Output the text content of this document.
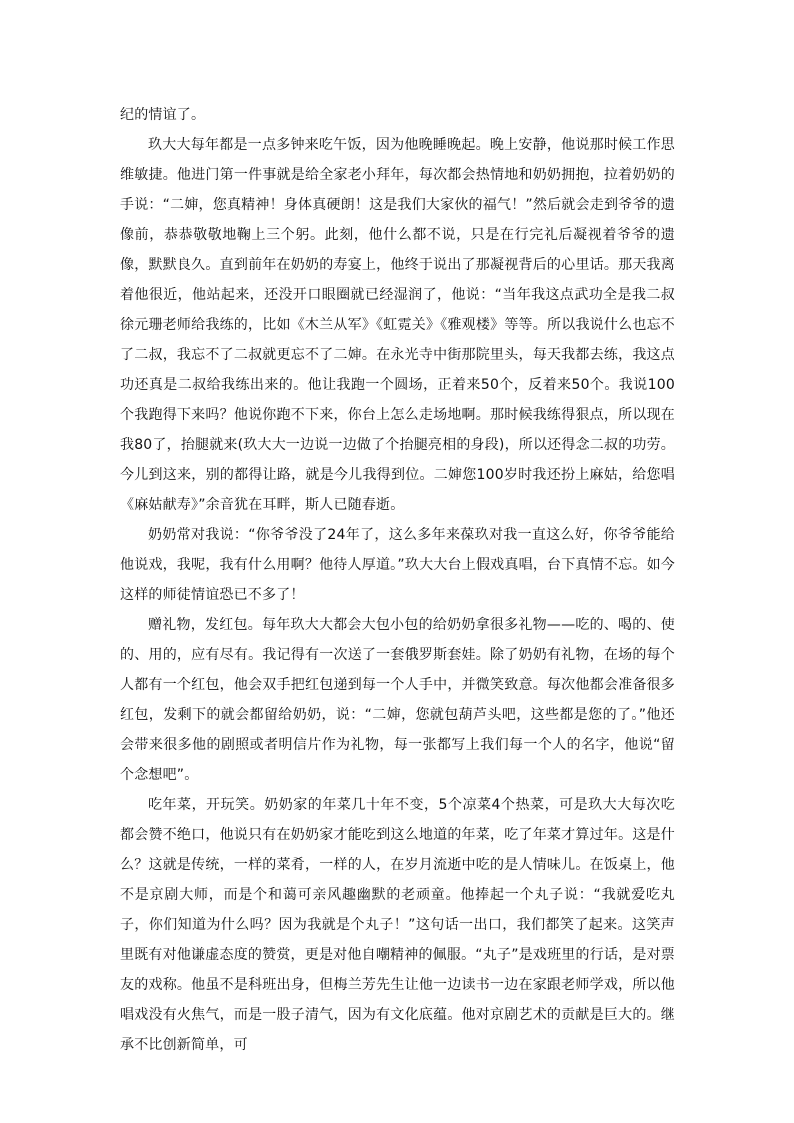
纪的情谊了。

玖大大每年都是一点多钟来吃午饭，因为他晚睡晚起。晚上安静，他说那时候工作思维敏捷。他进门第一件事就是给全家老小拜年，每次都会热情地和奶奶拥抱，拉着奶奶的手说：“二婶，您真精神！身体真硬朗！这是我们大家伙的福气！”然后就会走到爷爷的遗像前，恭恭敬敬地鞠上三个躬。此刻，他什么都不说，只是在行完礼后凝视着爷爷的遗像，默默良久。直到前年在奶奶的寿宴上，他终于说出了那凝视背后的心里话。那天我离着他很近，他站起来，还没开口眼圈就已经湿润了，他说：“当年我这点武功全是我二叔徐元珊老师给我练的，比如《木兰从军》《虹霓关》《雅观楼》等等。所以我说什么也忘不了二叔，我忘不了二叔就更忘不了二婶。在永光寺中街那院里头，每天我都去练，我这点功还真是二叔给我练出来的。他让我跑一个圆场，正着来50个，反着来50个。我说100个我跑得下来吗？他说你跑不下来，你台上怎么走场地啊。那时候我练得狠点，所以现在我80了，抬腿就来(玖大大一边说一边做了个抬腿亮相的身段)，所以还得念二叔的功劳。今儿到这来，别的都得让路，就是今儿我得到位。二婶您100岁时我还扮上麻姑，给您唱《麻姑献寿》”余音犹在耳畔，斯人已随春逝。

奶奶常对我说：“你爷爷没了24年了，这么多年来葆玖对我一直这么好，你爷爷能给他说戏，我呢，我有什么用啊？他待人厚道。”玖大大台上假戏真唱，台下真情不忘。如今这样的师徒情谊恐已不多了！

赠礼物，发红包。每年玖大大都会大包小包的给奶奶拿很多礼物——吃的、喝的、使的、用的，应有尽有。我记得有一次送了一套俄罗斯套娃。除了奶奶有礼物，在场的每个人都有一个红包，他会双手把红包递到每一个人手中，并微笑致意。每次他都会准备很多红包，发剩下的就会都留给奶奶，说：“二婶，您就包葫芦头吧，这些都是您的了。”他还会带来很多他的剧照或者明信片作为礼物，每一张都写上我们每一个人的名字，他说“留个念想吧”。

吃年菜，开玩笑。奶奶家的年菜几十年不变，5个凉菜4个热菜，可是玖大大每次吃都会赞不绝口，他说只有在奶奶家才能吃到这么地道的年菜，吃了年菜才算过年。这是什么？这就是传统，一样的菜肴，一样的人，在岁月流逝中吃的是人情味儿。在饭桌上，他不是京剧大师，而是个和蔼可亲风趣幽默的老顽童。他捧起一个丸子说：“我就爱吃丸子，你们知道为什么吗？因为我就是个丸子！”这句话一出口，我们都笑了起来。这笑声里既有对他谦虚态度的赞赏，更是对他自嘲精神的佩服。“丸子”是戏班里的行话，是对票友的戏称。他虽不是科班出身，但梅兰芳先生让他一边读书一边在家跟老师学戏，所以他唱戏没有火焦气，而是一股子清气，因为有文化底蕴。他对京剧艺术的贡献是巨大的。继承不比创新简单，可
